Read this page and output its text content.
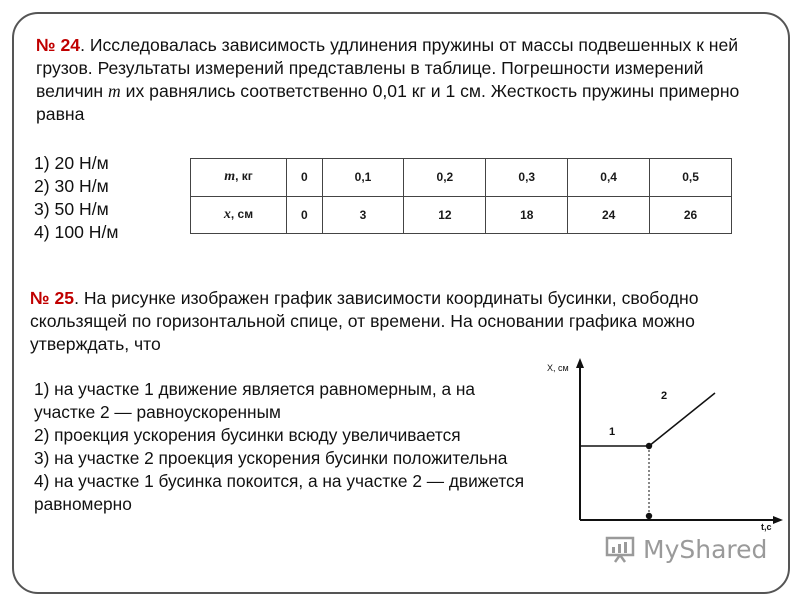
№ 24. Исследовалась зависимость удлинения пружины от массы подвешенных к ней грузов. Результаты измерений представлены в таблице. Погрешности измерений величин m их равнялись соответственно 0,01 кг и 1 см. Жесткость пружины примерно равна
1) 20 Н/м
2) 30 Н/м
3) 50 Н/м
4) 100 Н/м
m, кг	0	0,1	0,2	0,3	0,4	0,5
x, см	0	3	12	18	24	26
№ 25. На рисунке изображен график зависимости координаты бусинки, свободно скользящей по горизонтальной спице, от времени. На основании графика можно утверждать, что
1) на участке 1 движение является равномерным, а на участке 2 — равноускоренным
2) проекция ускорения бусинки всюду увеличивается
3) на участке 2 проекция ускорения бусинки положительна
4) на участке 1 бусинка покоится, а на участке 2 — движется равномерно
X, см
t,c
1
2
MyShared
